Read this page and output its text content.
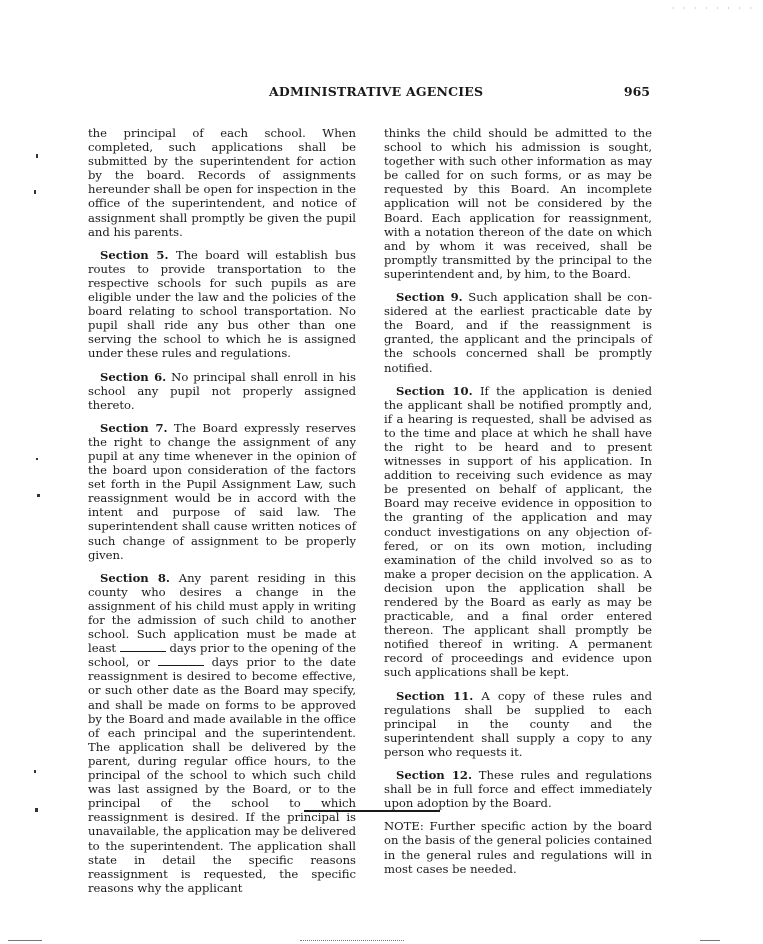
· · · · · · · ·
ADMINISTRATIVE AGENCIES	965

the principal of each school. When completed, such applications shall be submitted by the superintendent for action by the board. Records of assignments hereunder shall be open for inspection in the office of the superintendent, and notice of assignment shall promptly be given the pupil and his parents.

Section 5. The board will establish bus routes to provide transportation to the respective schools for such pupils as are eligible under the law and the policies of the board relating to school transportation. No pupil shall ride any bus other than one serving the school to which he is assigned under these rules and regulations.

Section 6. No principal shall enroll in his school any pupil not properly assigned thereto.

Section 7. The Board expressly reserves the right to change the assignment of any pupil at any time whenever in the opinion of the board upon consideration of the factors set forth in the Pupil Assignment Law, such reassignment would be in accord with the intent and purpose of said law. The superintendent shall cause written notices of such change of assignment to be properly given.

Section 8. Any parent residing in this county who desires a change in the assignment of his child must apply in writing for the admission of such child to another school. Such application must be made at least	days prior to the opening of the school, or	days prior to the date reassignment is desired to become effective, or such other date as the Board may specify, and shall be made on forms to be approved by the Board and made available in the office of each principal and the superintendent. The application shall be delivered by the parent, during regular office hours, to the principal of the school to which such child was last assigned by the Board, or to the principal of the school to which reassignment is desired. If the principal is unavailable, the application may be delivered to the superintendent. The application shall state in detail the specific reasons reassignment is requested, the specific reasons why the applicant

thinks the child should be admitted to the school to which his admission is sought, together with such other information as may be called for on such forms, or as may be requested by this Board. An incomplete application will not be considered by the Board. Each application for reassignment, with a notation thereon of the date on which and by whom it was received, shall be promptly transmitted by the principal to the superintendent and, by him, to the Board.

Section 9. Such application shall be considered at the earliest practicable date by the Board, and if the reassignment is granted, the applicant and the principals of the schools concerned shall be promptly notified.

Section 10. If the application is denied the applicant shall be notified promptly and, if a hearing is requested, shall be advised as to the time and place at which he shall have the right to be heard and to present witnesses in support of his application. In addition to receiving such evidence as may be presented on behalf of applicant, the Board may receive evidence in opposition to the granting of the application and may conduct investigations on any objection offered, or on its own motion, including examination of the child involved so as to make a proper decision on the application. A decision upon the application shall be rendered by the Board as early as may be practicable, and a final order entered thereon. The applicant shall promptly be notified thereof in writing. A permanent record of proceedings and evidence upon such applications shall be kept.

Section 11. A copy of these rules and regulations shall be supplied to each principal in the county and the superintendent shall supply a copy to any person who requests it.

Section 12. These rules and regulations shall be in full force and effect immediately upon adoption by the Board.

NOTE: Further specific action by the board on the basis of the general policies contained in the general rules and regulations will in most cases be needed.
